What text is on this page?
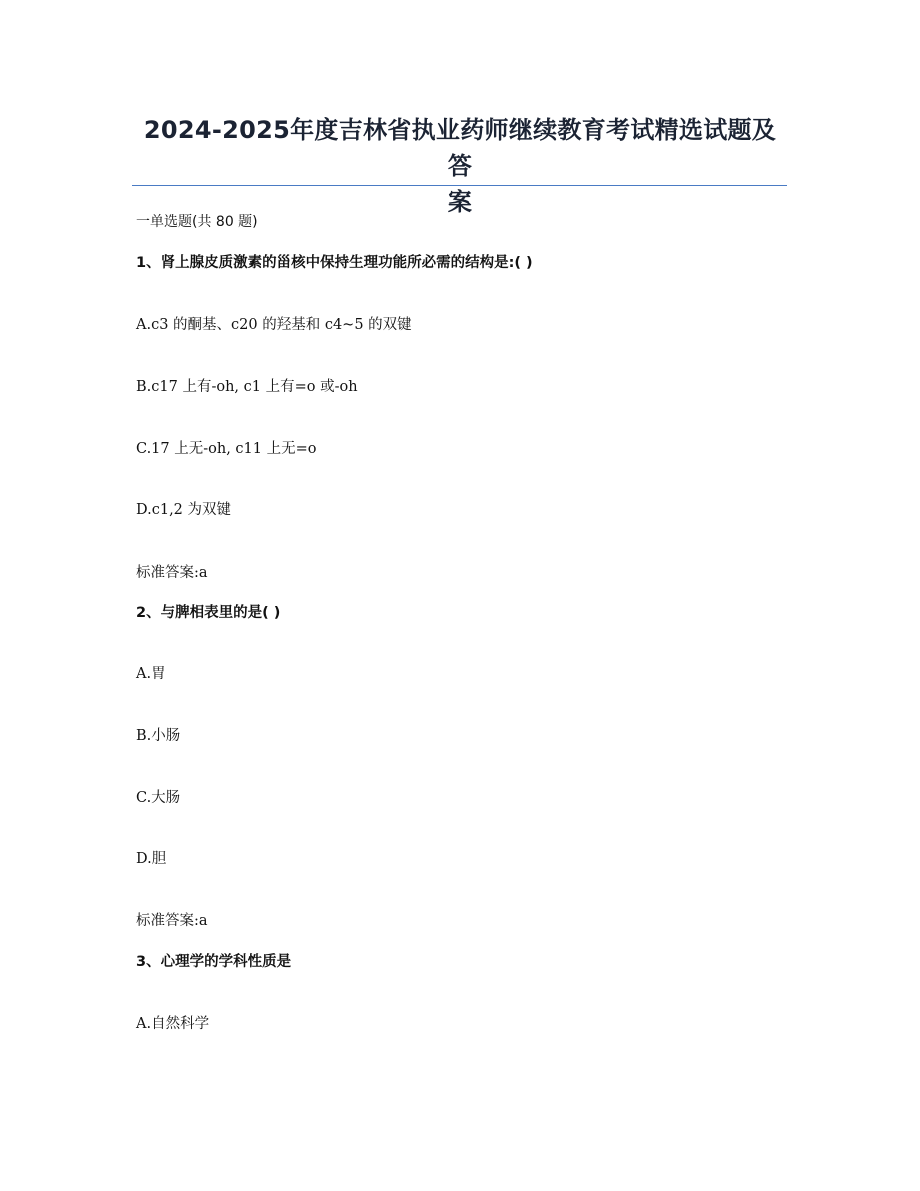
2024-2025年度吉林省执业药师继续教育考试精选试题及答
案
一单选题(共 80 题)
1、肾上腺皮质激素的甾核中保持生理功能所必需的结构是:( )
A.c3 的酮基、c20 的羟基和 c4~5 的双键
B.c17 上有-oh, c1 上有=o 或-oh
C.17 上无-oh, c11 上无=o
D.c1,2 为双键
标准答案:a
2、与脾相表里的是( )
A.胃
B.小肠
C.大肠
D.胆
标准答案:a
3、心理学的学科性质是
A.自然科学
